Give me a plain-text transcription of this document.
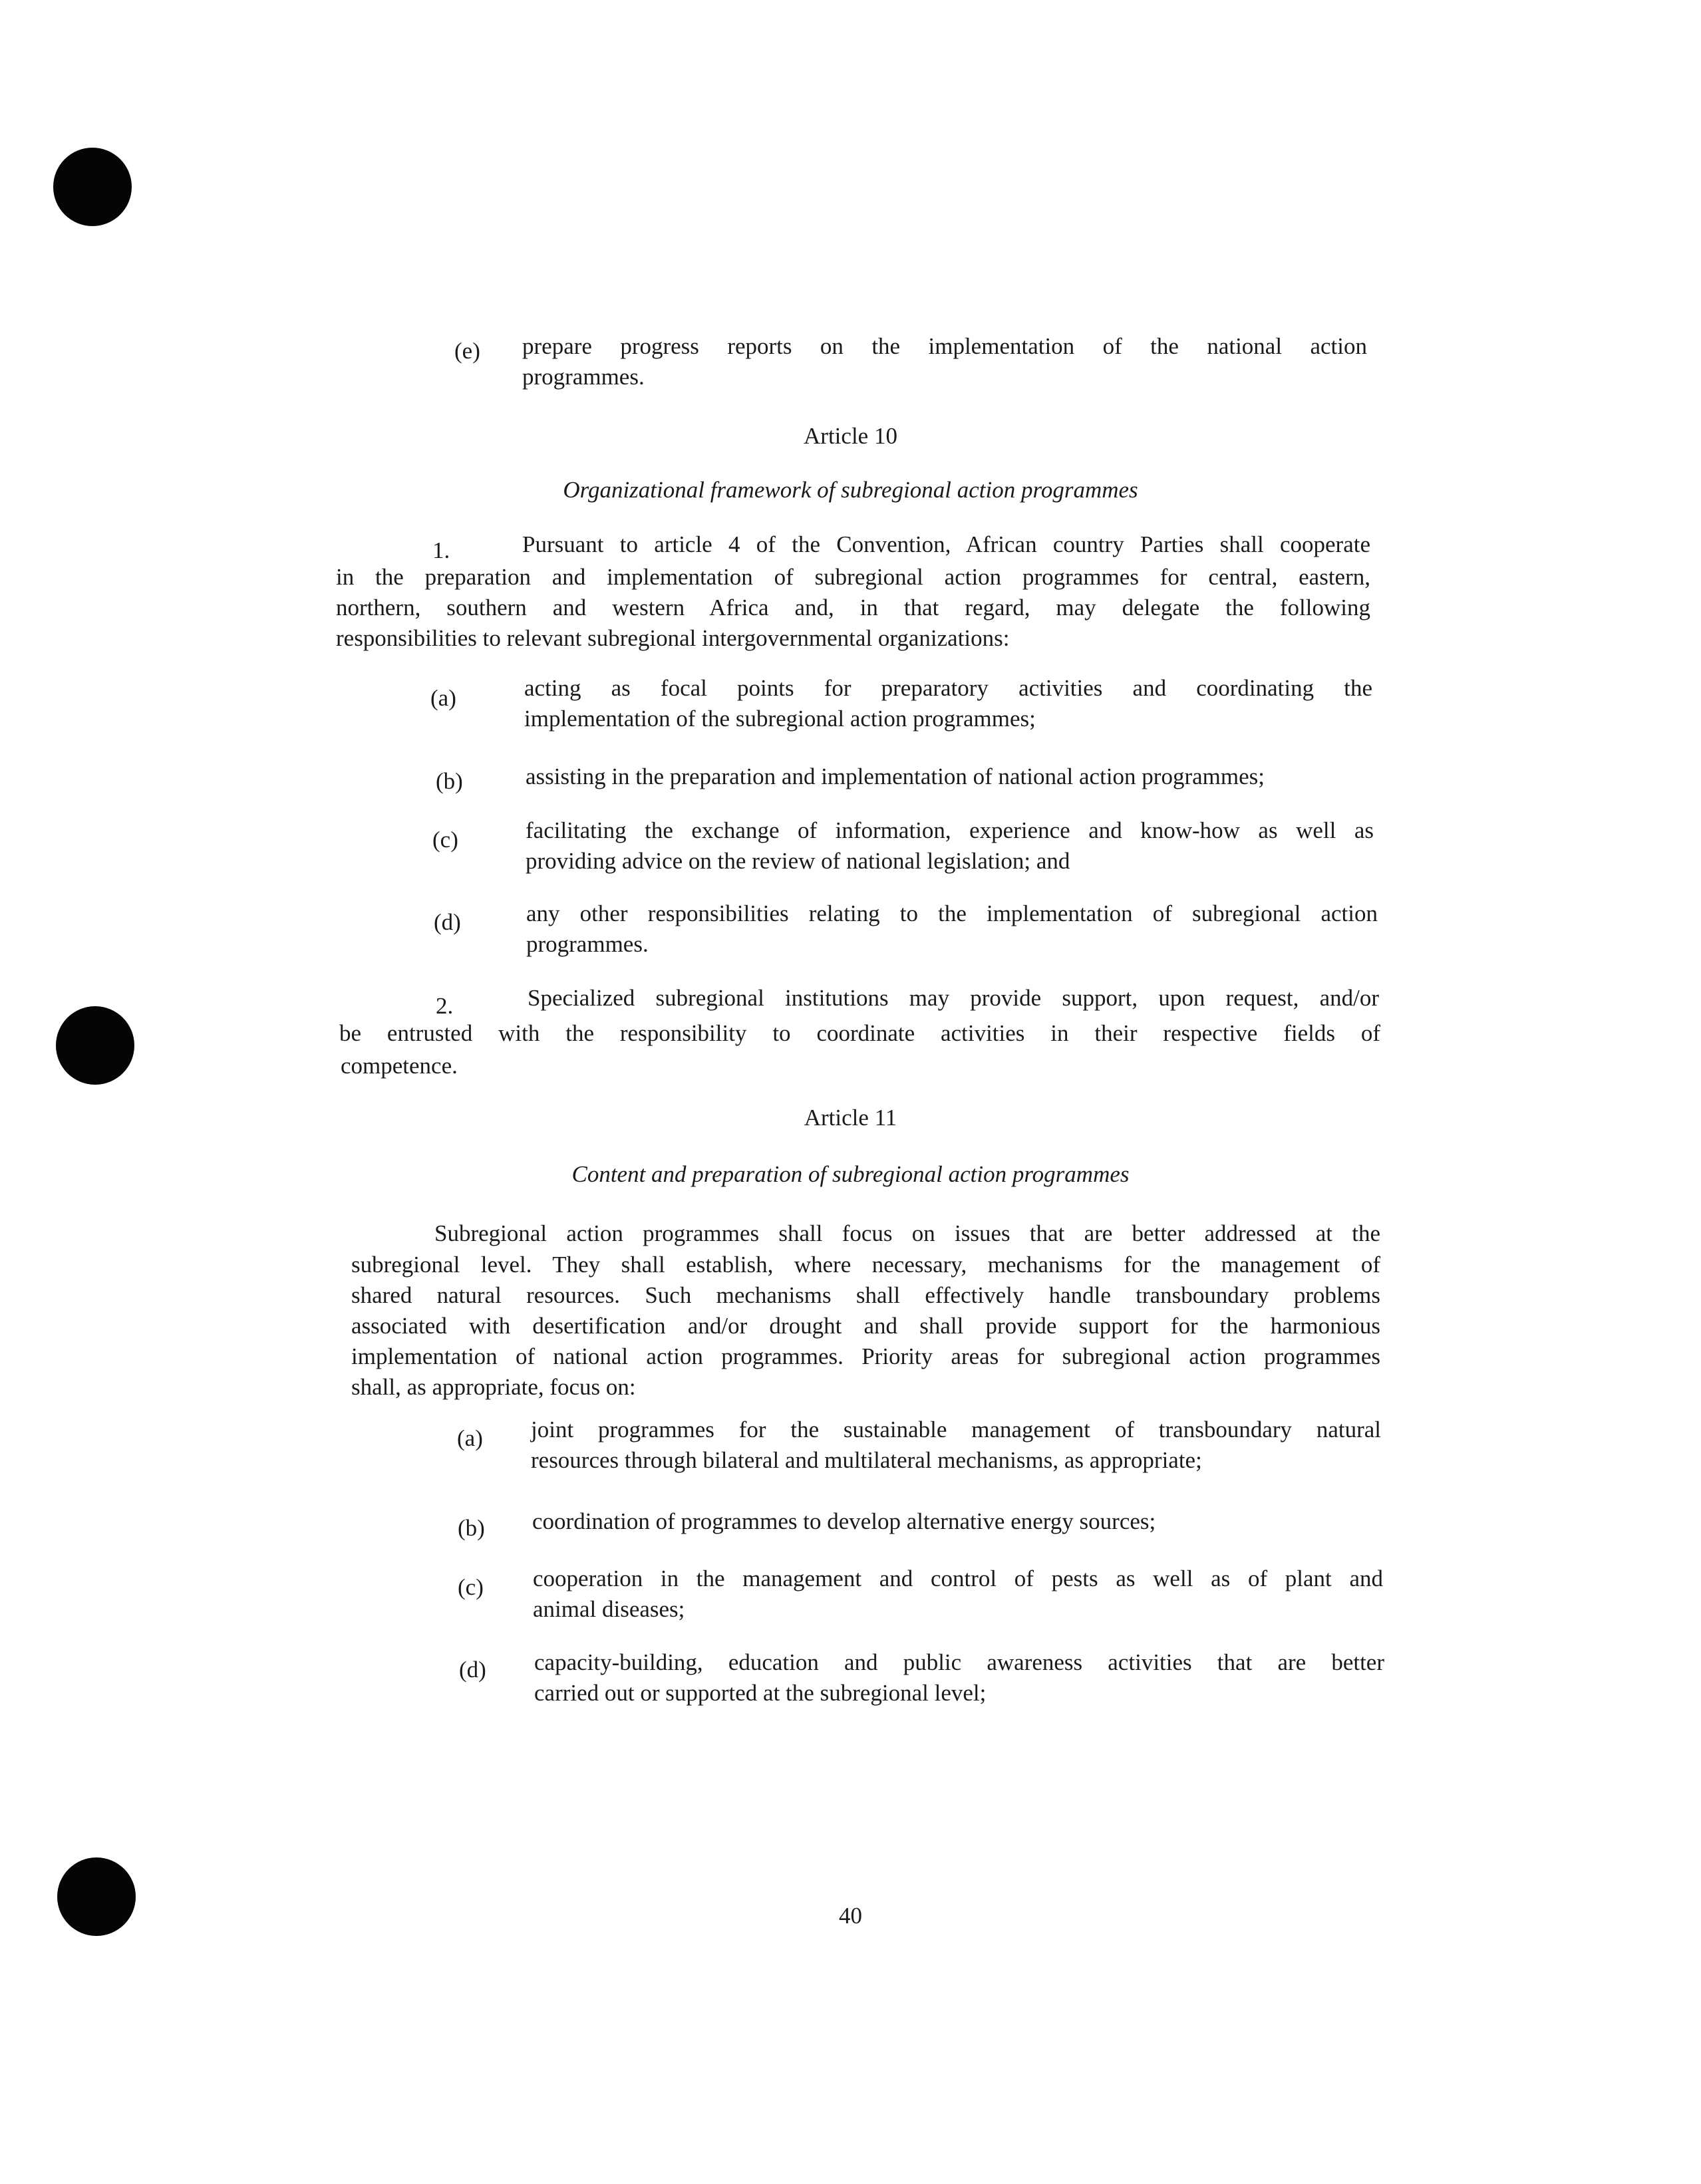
(e) prepare progress reports on the implementation of the national action
programmes.
Article 10
Organizational framework of subregional action programmes
1.	Pursuant to article 4 of the Convention, African country Parties shall cooperate
in the preparation and implementation of subregional action programmes for central, eastern,
northern, southern and western Africa and, in that regard, may delegate the following
responsibilities to relevant subregional intergovernmental organizations:
(a)	acting as focal points for preparatory activities and coordinating the
implementation of the subregional action programmes;
(b)	assisting in the preparation and implementation of national action programmes;
(c)	facilitating the exchange of information, experience and know-how as well as
providing advice on the review of national legislation; and
(d)	any other responsibilities relating to the implementation of subregional action
programmes.
2.	Specialized subregional institutions may provide support, upon request, and/or
be entrusted with the responsibility to coordinate activities in their respective fields of
competence.
Article 11
Content and preparation of subregional action programmes
Subregional action programmes shall focus on issues that are better addressed at the
subregional level. They shall establish, where necessary, mechanisms for the management of
shared natural resources. Such mechanisms shall effectively handle transboundary problems
associated with desertification and/or drought and shall provide support for the harmonious
implementation of national action programmes. Priority areas for subregional action programmes
shall, as appropriate, focus on:
(a) joint programmes for the sustainable management of transboundary natural
resources through bilateral and multilateral mechanisms, as appropriate;
(b) coordination of programmes to develop alternative energy sources;
(c) cooperation in the management and control of pests as well as of plant and
animal diseases;
(d) capacity-building, education and public awareness activities that are better
carried out or supported at the subregional level;
40
